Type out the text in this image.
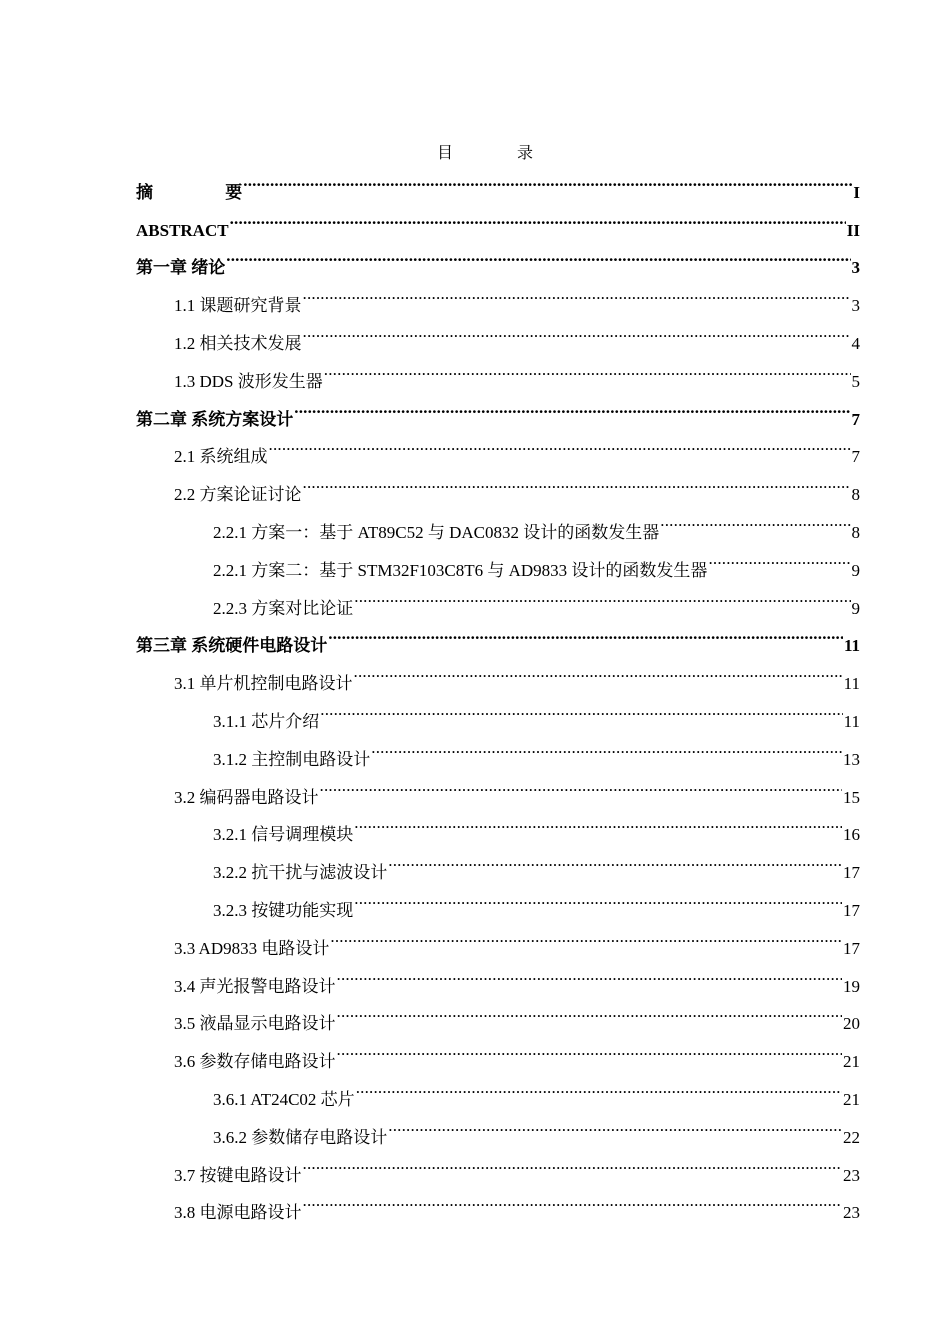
目 录
摘 要 .....	I
ABSTRACT .....	II
第一章 绪论 .....	3
1.1 课题研究背景 .....	3
1.2 相关技术发展 .....	4
1.3 DDS 波形发生器 .....	5
第二章 系统方案设计 .....	7
2.1 系统组成 .....	7
2.2 方案论证讨论 .....	8
2.2.1 方案一：基于 AT89C52 与 DAC0832 设计的函数发生器 .....	8
2.2.1 方案二：基于 STM32F103C8T6 与 AD9833 设计的函数发生器 .....	9
2.2.3 方案对比论证 .....	9
第三章 系统硬件电路设计 .....	11
3.1 单片机控制电路设计 .....	11
3.1.1 芯片介绍 .....	11
3.1.2 主控制电路设计 .....	13
3.2 编码器电路设计 .....	15
3.2.1 信号调理模块 .....	16
3.2.2 抗干扰与滤波设计 .....	17
3.2.3 按键功能实现 .....	17
3.3 AD9833 电路设计 .....	17
3.4 声光报警电路设计 .....	19
3.5 液晶显示电路设计 .....	20
3.6 参数存储电路设计 .....	21
3.6.1 AT24C02 芯片 .....	21
3.6.2 参数储存电路设计 .....	22
3.7 按键电路设计 .....	23
3.8 电源电路设计 .....	23
